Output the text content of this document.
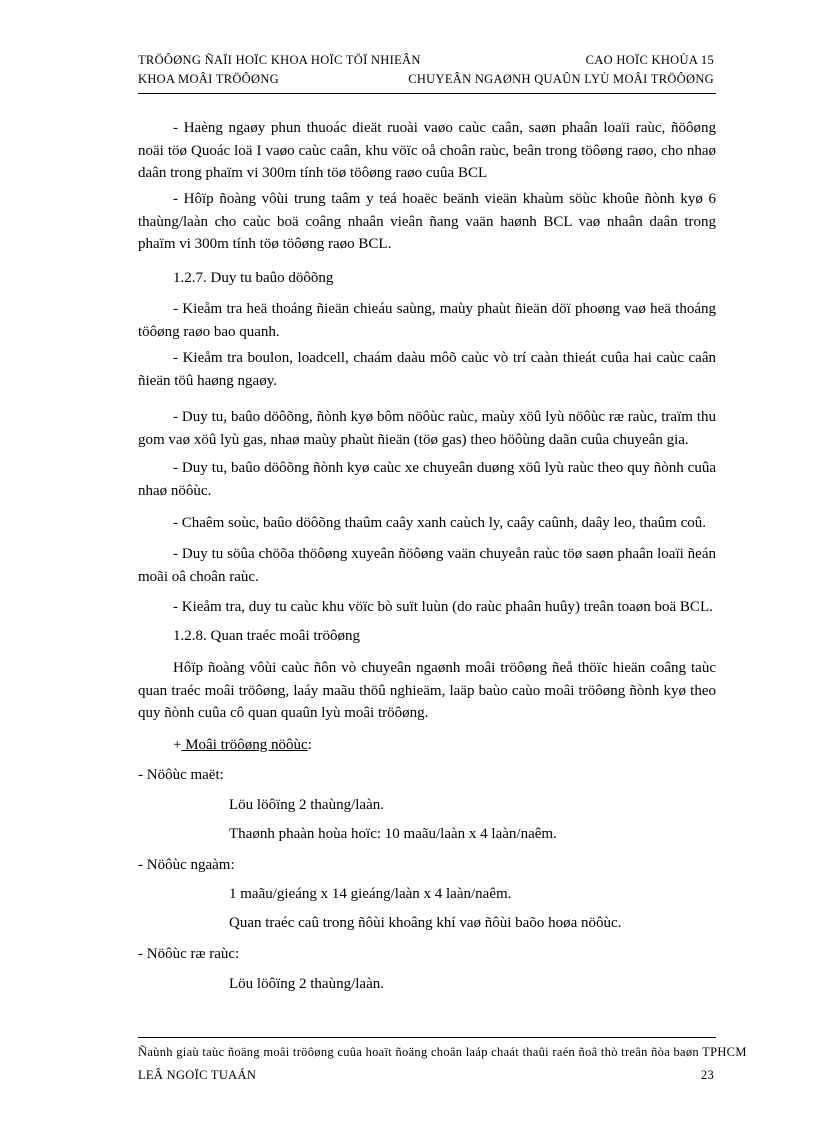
TRÖÔØNG ÑAÏI HOÏC KHOA HOÏC TÖÏ NHIEÂN	CAO HOÏC KHOÙA 15
KHOA MOÂI TRÖÔØNG	CHUYEÂN NGAØNH QUAÛN LYÙ MOÂI TRÖÔØNG
- Haèng ngaøy phun thuoác dieät ruoài vaøo caùc caân, saøn phaân loaïi raùc, ñöôøng noäi töø Quoác loä I vaøo caùc caân, khu vöïc oå choân raùc, beân trong töôøng raøo, cho nhaø daân trong phaïm vi 300m tính töø töôøng raøo cuûa BCL
- Hôïp ñoàng vôùi trung taâm y teá hoaëc beänh vieän khaùm söùc khoûe ñònh kyø 6 thaùng/laàn cho caùc boä coâng nhaân vieân ñang vaän haønh BCL vaø nhaân daân trong phaïm vi 300m tính töø töôøng raøo BCL.
1.2.7. Duy tu baûo döôõng
- Kieåm tra heä thoáng ñieän chieáu saùng, maùy phaùt ñieän döï phoøng vaø heä thoáng töôøng raøo bao quanh.
- Kieåm tra boulon, loadcell, chaám daàu môõ caùc vò trí caàn thieát cuûa hai caùc caân ñieän töû haøng ngaøy.
- Duy tu, baûo döôõng, ñònh kyø bôm nöôùc raùc, maùy xöû lyù nöôùc ræ raùc, traïm thu gom vaø xöû lyù gas, nhaø maùy phaùt ñieän (töø gas) theo höôùng daãn cuûa chuyeân gia.
- Duy tu, baûo döôõng ñònh kyø caùc xe chuyeân duøng xöû lyù raùc theo quy ñònh cuûa nhaø nöôùc.
- Chaêm soùc, baûo döôõng thaûm caây xanh caùch ly, caây caûnh, daây leo, thaûm coû.
- Duy tu söûa chöõa thöôøng xuyeân ñöôøng vaän chuyeån raùc töø saøn phaân loaïi ñeán moãi oâ choân raùc.
- Kieåm tra, duy tu caùc khu vöïc bò suït luùn (do raùc phaân huûy) treân toaøn boä BCL.
1.2.8. Quan traéc moâi tröôøng
Hôïp ñoàng vôùi caùc ñôn vò chuyeân ngaønh moâi tröôøng ñeå thöïc hieän coâng taùc quan traéc moâi tröôøng, laáy maãu thöû nghieäm, laäp baùo caùo moâi tröôøng ñònh kyø theo quy ñònh cuûa cô quan quaûn lyù moâi tröôøng.
+ Moâi tröôøng nöôùc:
- Nöôùc maët:
Löu löôïng 2 thaùng/laàn.
Thaønh phaàn hoùa hoïc: 10 maãu/laàn x 4 laàn/naêm.
- Nöôùc ngaàm:
1 maãu/gieáng x 14 gieáng/laàn x 4 laàn/naêm.
Quan traéc caû trong ñôùi khoâng khí vaø ñôùi baõo hoøa nöôùc.
- Nöôùc ræ raùc:
Löu löôïng 2 thaùng/laàn.
Ñaùnh giaù taùc ñoäng moâi tröôøng cuûa hoaït ñoäng choân laáp chaát thaûi raén ñoâ thò treân ñòa baøn TPHCM
LEÂ NGOÏC TUAÁN	23
